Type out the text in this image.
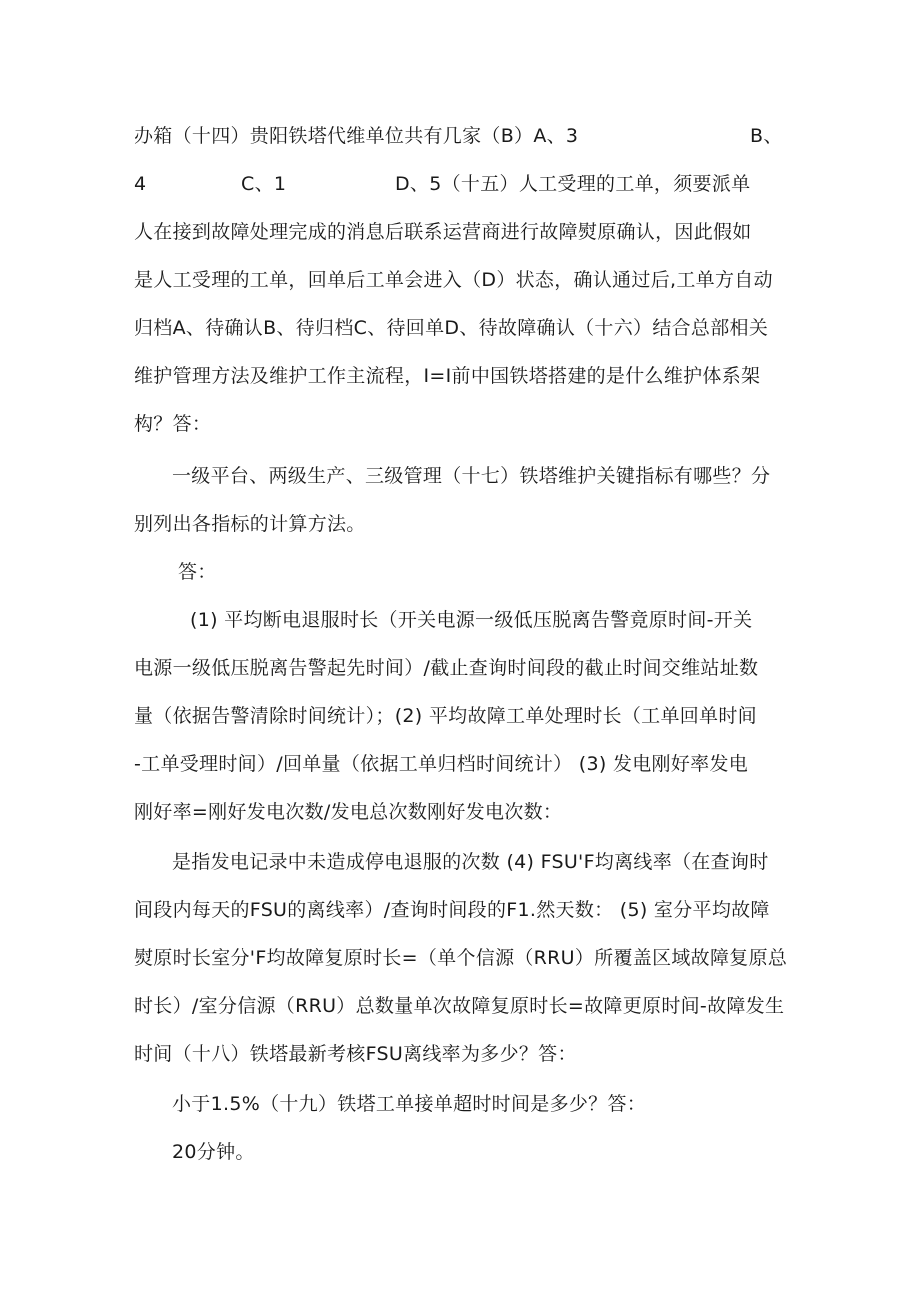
办箱（十四）贵阳铁塔代维单位共有几家（B）A、3	B、
4	C、1	D、5（十五）人工受理的工单，须要派单
人在接到故障处理完成的消息后联系运营商进行故障熨原确认，因此假如
是人工受理的工单，回单后工单会进入（D）状态，确认通过后,工单方自动
归档A、待确认B、待归档C、待回单D、待故障确认（十六）结合总部相关
维护管理方法及维护工作主流程，I=I前中国铁塔搭建的是什么维护体系架
构？答：
一级平台、两级生产、三级管理（十七）铁塔维护关键指标有哪些？分
别列出各指标的计算方法。
答：
(1) 平均断电退服时长（开关电源一级低压脱离告警竟原时间-开关
电源一级低压脱离告警起先时间）/截止查询时间段的截止时间交维站址数
量（依据告警清除时间统计）；(2) 平均故障工单处理时长（工单回单时间
-工单受理时间）/回单量（依据工单归档时间统计） (3) 发电刚好率发电
刚好率=刚好发电次数/发电总次数刚好发电次数：
是指发电记录中未造成停电退服的次数 (4) FSU'F均离线率（在查询时
间段内每天的FSU的离线率）/查询时间段的F1.然天数： (5) 室分平均故障
熨原时长室分'F均故障复原时长=（单个信源（RRU）所覆盖区域故障复原总
时长）/室分信源（RRU）总数量单次故障复原时长=故障更原时间-故障发生
时间（十八）铁塔最新考核FSU离线率为多少？答：
小于1.5%（十九）铁塔工单接单超时时间是多少？答：
20分钟。
